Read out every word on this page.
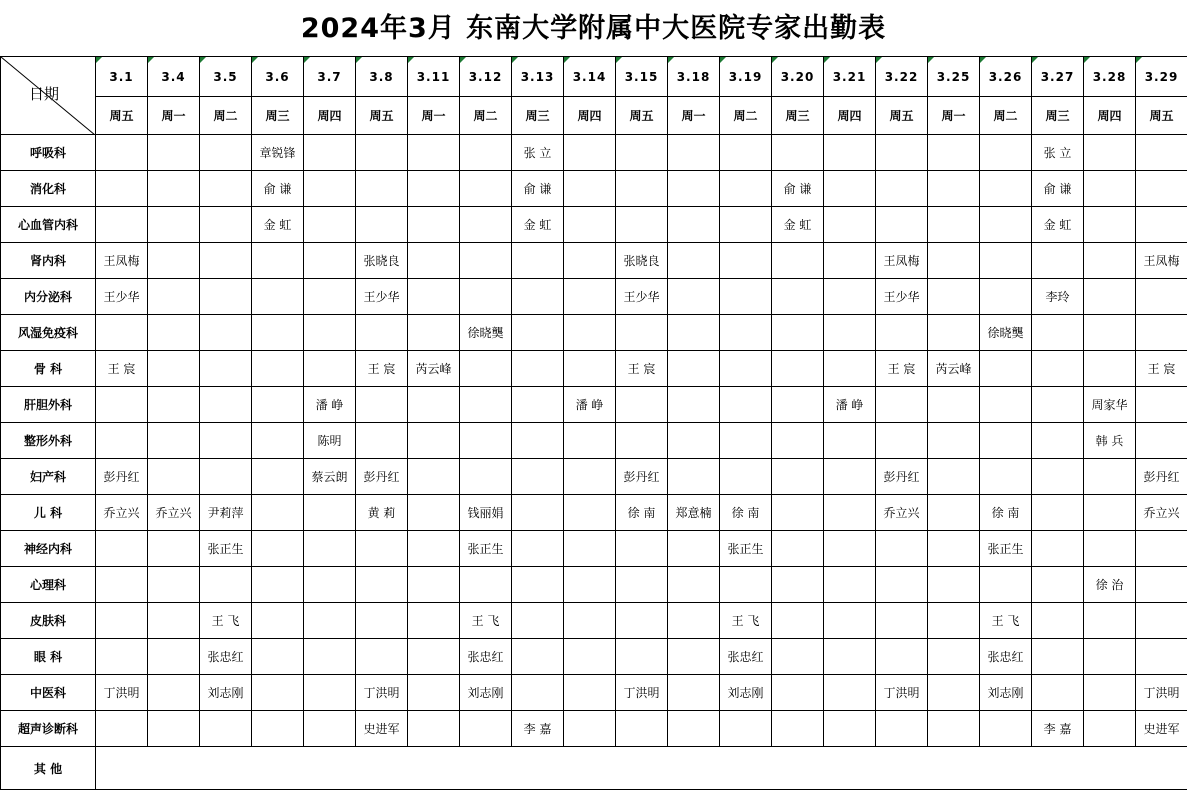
2024年3月 东南大学附属中大医院专家出勤表
日期	3.1	3.4	3.5	3.6	3.7	3.8	3.11	3.12	3.13	3.14	3.15	3.18	3.19	3.20	3.21	3.22	3.25	3.26	3.27	3.28	3.29
	周五	周一	周二	周三	周四	周五	周一	周二	周三	周四	周五	周一	周二	周三	周四	周五	周一	周二	周三	周四	周五
呼吸科				章锐锋					张 立										张 立		
消化科				俞 谦					俞 谦					俞 谦					俞 谦		
心血管内科				金 虹					金 虹					金 虹					金 虹		
肾内科	王凤梅					张晓良					张晓良					王凤梅					王凤梅
内分泌科	王少华					王少华					王少华					王少华			李玲		
风湿免疫科								徐晓龑										徐晓龑			
骨 科	王 宸					王 宸	芮云峰				王 宸					王 宸	芮云峰				王 宸
肝胆外科					潘 峥					潘 峥					潘 峥					周家华	
整形外科					陈明															韩 兵	
妇产科	彭丹红				蔡云朗	彭丹红					彭丹红					彭丹红					彭丹红
儿 科	乔立兴	乔立兴	尹莉萍			黄 莉		钱丽娟			徐 南	郑意楠	徐 南			乔立兴		徐 南			乔立兴
神经内科			张正生					张正生					张正生					张正生			
心理科																				徐 治	
皮肤科			王 飞					王 飞					王 飞					王 飞			
眼 科			张忠红					张忠红					张忠红					张忠红			
中医科	丁洪明		刘志刚			丁洪明		刘志刚			丁洪明		刘志刚			丁洪明		刘志刚			丁洪明
超声诊断科						史进军			李 嘉										李 嘉		史进军
其 他																					
